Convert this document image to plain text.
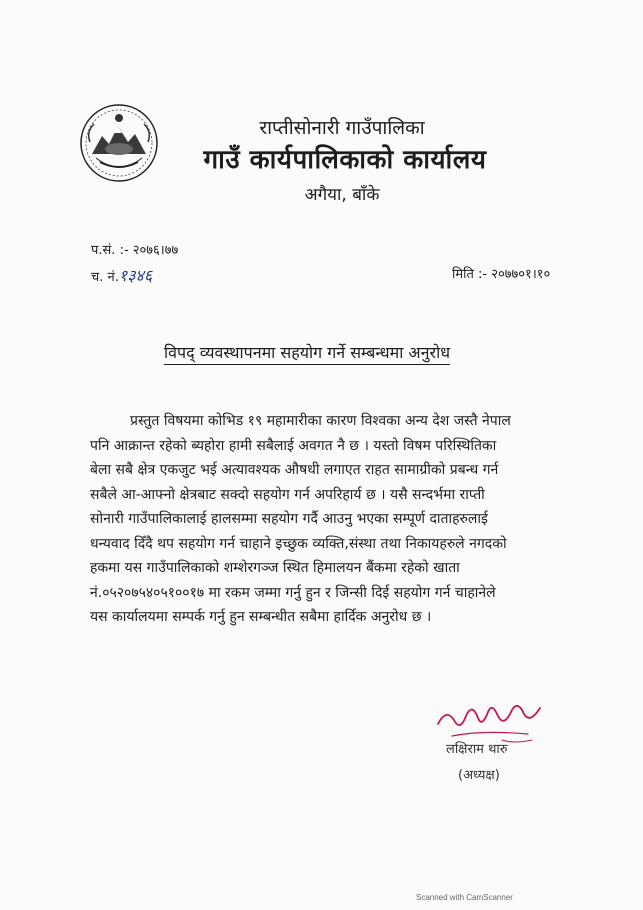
राप्तीसोनारी गाउँपालिका
गाउँ कार्यपालिकाको कार्यालय
अगैया, बाँके
प.सं. :- २०७६।७७
च. नं.१३४६	मिति :- २०७७०१।१०
विपद् व्यवस्थापनमा सहयोग गर्ने सम्बन्धमा अनुरोध
प्रस्तुत विषयमा कोभिड १९ महामारीका कारण विश्वका अन्य देश जस्तै नेपाल
पनि आक्रान्त रहेको ब्यहोरा हामी सबैलाई अवगत नै छ । यस्तो विषम परिस्थितिका
बेला सबै क्षेत्र एकजुट भई अत्यावश्यक औषधी लगाएत राहत सामाग्रीको प्रबन्ध गर्न
सबैले आ-आफ्नो क्षेत्रबाट सक्दो सहयोग गर्न अपरिहार्य छ । यसै सन्दर्भमा राप्ती
सोनारी गाउँपालिकालाई हालसम्मा सहयोग गर्दै आउनु भएका सम्पूर्ण दाताहरुलाई
धन्यवाद दिँदै थप सहयोग गर्न चाहाने इच्छुक व्यक्ति,संस्था तथा निकायहरुले नगदको
हकमा यस गाउँपालिकाको शम्शेरगञ्ज स्थित हिमालयन बैंकमा रहेको खाता
नं.०५२०७५४०५१००१७ मा रकम जम्मा गर्नु हुन र जिन्सी दिई सहयोग गर्न चाहानेले
यस कार्यालयमा सम्पर्क गर्नु हुन सम्बन्धीत सबैमा हार्दिक अनुरोध छ ।
लक्षिराम थारु
(अध्यक्ष)
Scanned with CamScanner
